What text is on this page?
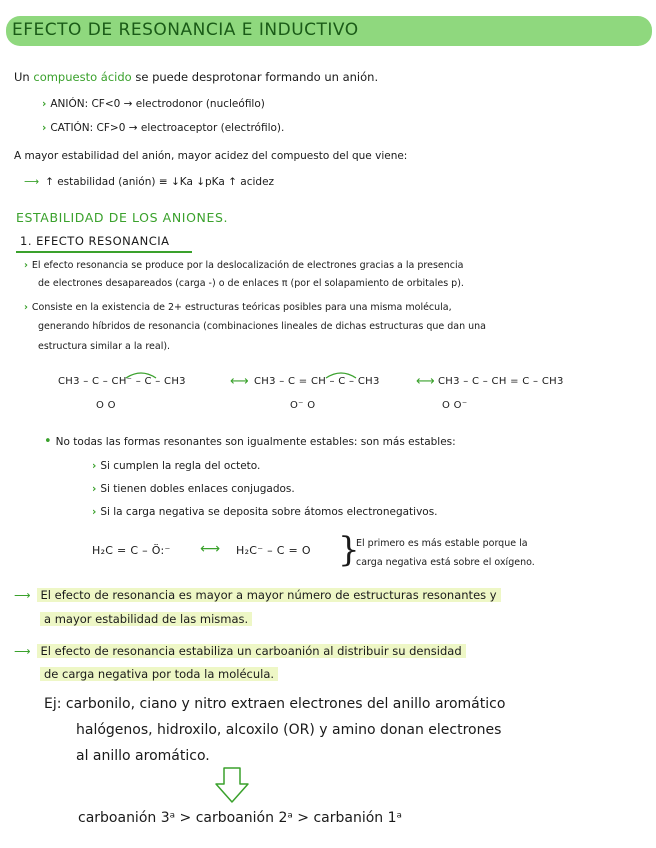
EFECTO DE RESONANCIA E INDUCTIVO
Un compuesto ácido se puede desprotonar formando un anión.
› ANIÓN: CF<0 → electrodonor (nucleófilo)
› CATIÓN: CF>0 → electroaceptor (electrófilo).
A mayor estabilidad del anión, mayor acidez del compuesto del que viene:
⟶ ↑ estabilidad (anión) ≡ ↓Ka ↓pKa ↑ acidez
ESTABILIDAD DE LOS ANIONES.
1. EFECTO RESONANCIA
› El efecto resonancia se produce por la deslocalización de electrones gracias a la presencia
de electrones desapareados (carga -) o de enlaces π (por el solapamiento de orbitales p).
› Consiste en la existencia de 2+ estructuras teóricas posibles para una misma molécula,
generando híbridos de resonancia (combinaciones lineales de dichas estructuras que dan una
estructura similar a la real).
CH3 – C – CH⁻ – C – CH3
O O
⟷ CH3 – C = CH – C – CH3
O⁻ O
⟷ CH3 – C – CH = C – CH3
O O⁻
• No todas las formas resonantes son igualmente estables: son más estables:
› Si cumplen la regla del octeto.
› Si tienen dobles enlaces conjugados.
› Si la carga negativa se deposita sobre átomos electronegativos.
H₂C = C – Ö:⁻ ⟷ H₂C⁻ – C = O }
El primero es más estable porque la
carga negativa está sobre el oxígeno.
⟶ El efecto de resonancia es mayor a mayor número de estructuras resonantes y
a mayor estabilidad de las mismas.
⟶ El efecto de resonancia estabiliza un carboanión al distribuir su densidad
de carga negativa por toda la molécula.
Ej: carbonilo, ciano y nitro extraen electrones del anillo aromático
halógenos, hidroxilo, alcoxilo (OR) y amino donan electrones
al anillo aromático.
carboanión 3ᵃ > carboanión 2ᵃ > carbanión 1ᵃ
